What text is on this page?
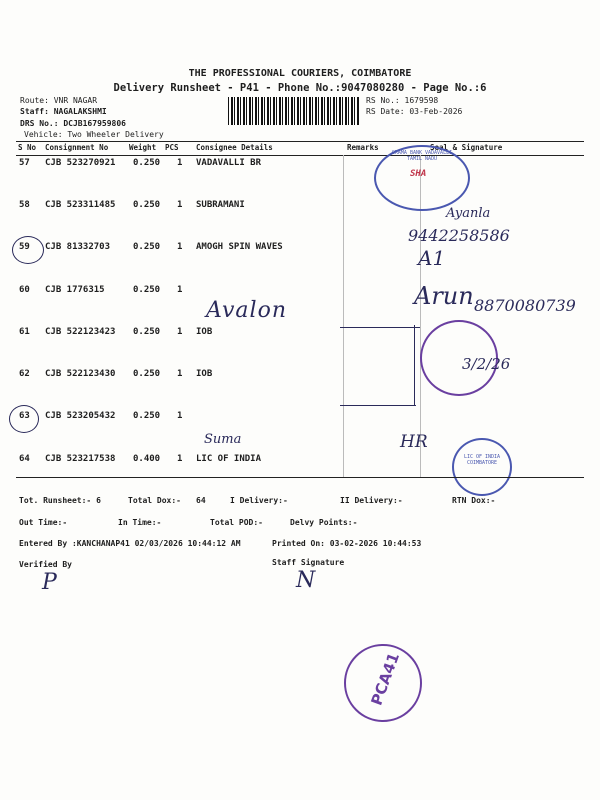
THE PROFESSIONAL COURIERS, COIMBATORE
Delivery Runsheet - P41 - Phone No.:9047080280 - Page No.:6
Route: VNR NAGAR
Staff: NAGALAKSHMI
DRS No.: DCJB167959806
Vehicle: Two Wheeler Delivery
RS No.: 1679598
RS Date: 03-Feb-2026
S No Consignment No	Weight PCS Consignee Details	Remarks	Seal & Signature
57 CJB 523270921 0.250 1 VADAVALLI BR
58 CJB 523311485 0.250 1 SUBRAMANI
59 CJB 81332703	0.250 1 AMOGH SPIN WAVES
60 CJB 1776315	0.250 1
61 CJB 522123423 0.250 1 IOB
62 CJB 522123430 0.250 1 IOB
63 CJB 523205432 0.250 1
64 CJB 523217538 0.400 1 LIC OF INDIA
GRAMA BANK VADAVALLI TAMIL NADU
SHA
Ayanla
9442258586
A1
Avalon
Arun 8870080739
3/2/26
Suma	HR
LIC OF INDIA COIMBATORE
Tot. Runsheet:- 6	Total Dox:- 64	I Delivery:-	II Delivery:-	RTN Dox:-
Out Time:-	In Time:-	Total POD:-	Delvy Points:-
Entered By :KANCHANAP41 02/03/2026 10:44:12 AM	Printed On: 03-02-2026 10:44:53
Verified By	Staff Signature
P	N
PCA41
